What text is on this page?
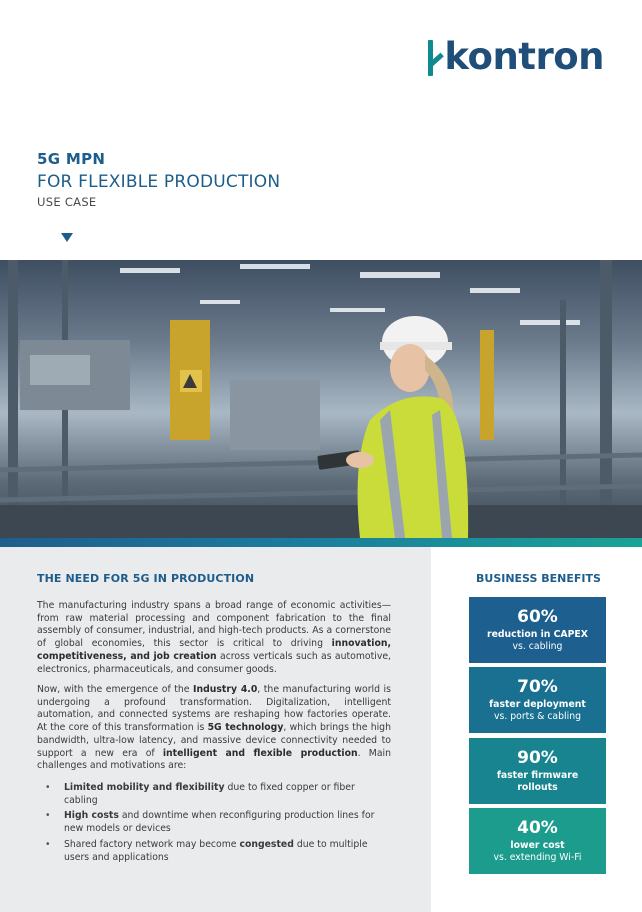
kontron
5G MPN
FOR FLEXIBLE PRODUCTION
USE CASE
THE NEED FOR 5G IN PRODUCTION

The manufacturing industry spans a broad range of economic activities—from raw material processing and component fabrication to the final assembly of consumer, industrial, and high-tech products. As a cornerstone of global economies, this sector is critical to driving innovation, competitiveness, and job creation across verticals such as automotive, electronics, pharmaceuticals, and consumer goods.

Now, with the emergence of the Industry 4.0, the manufacturing world is undergoing a profound transformation. Digitalization, intelligent automation, and connected systems are reshaping how factories operate. At the core of this transformation is 5G technology, which brings the high bandwidth, ultra-low latency, and massive device connectivity needed to support a new era of intelligent and flexible production. Main challenges and motivations are:

• Limited mobility and flexibility due to fixed copper or fiber cabling
• High costs and downtime when reconfiguring production lines for new models or devices
• Shared factory network may become congested due to multiple users and applications
BUSINESS BENEFITS
60%
reduction in CAPEX
vs. cabling
70%
faster deployment
vs. ports & cabling
90%
faster firmware
rollouts
40%
lower cost
vs. extending Wi-Fi
